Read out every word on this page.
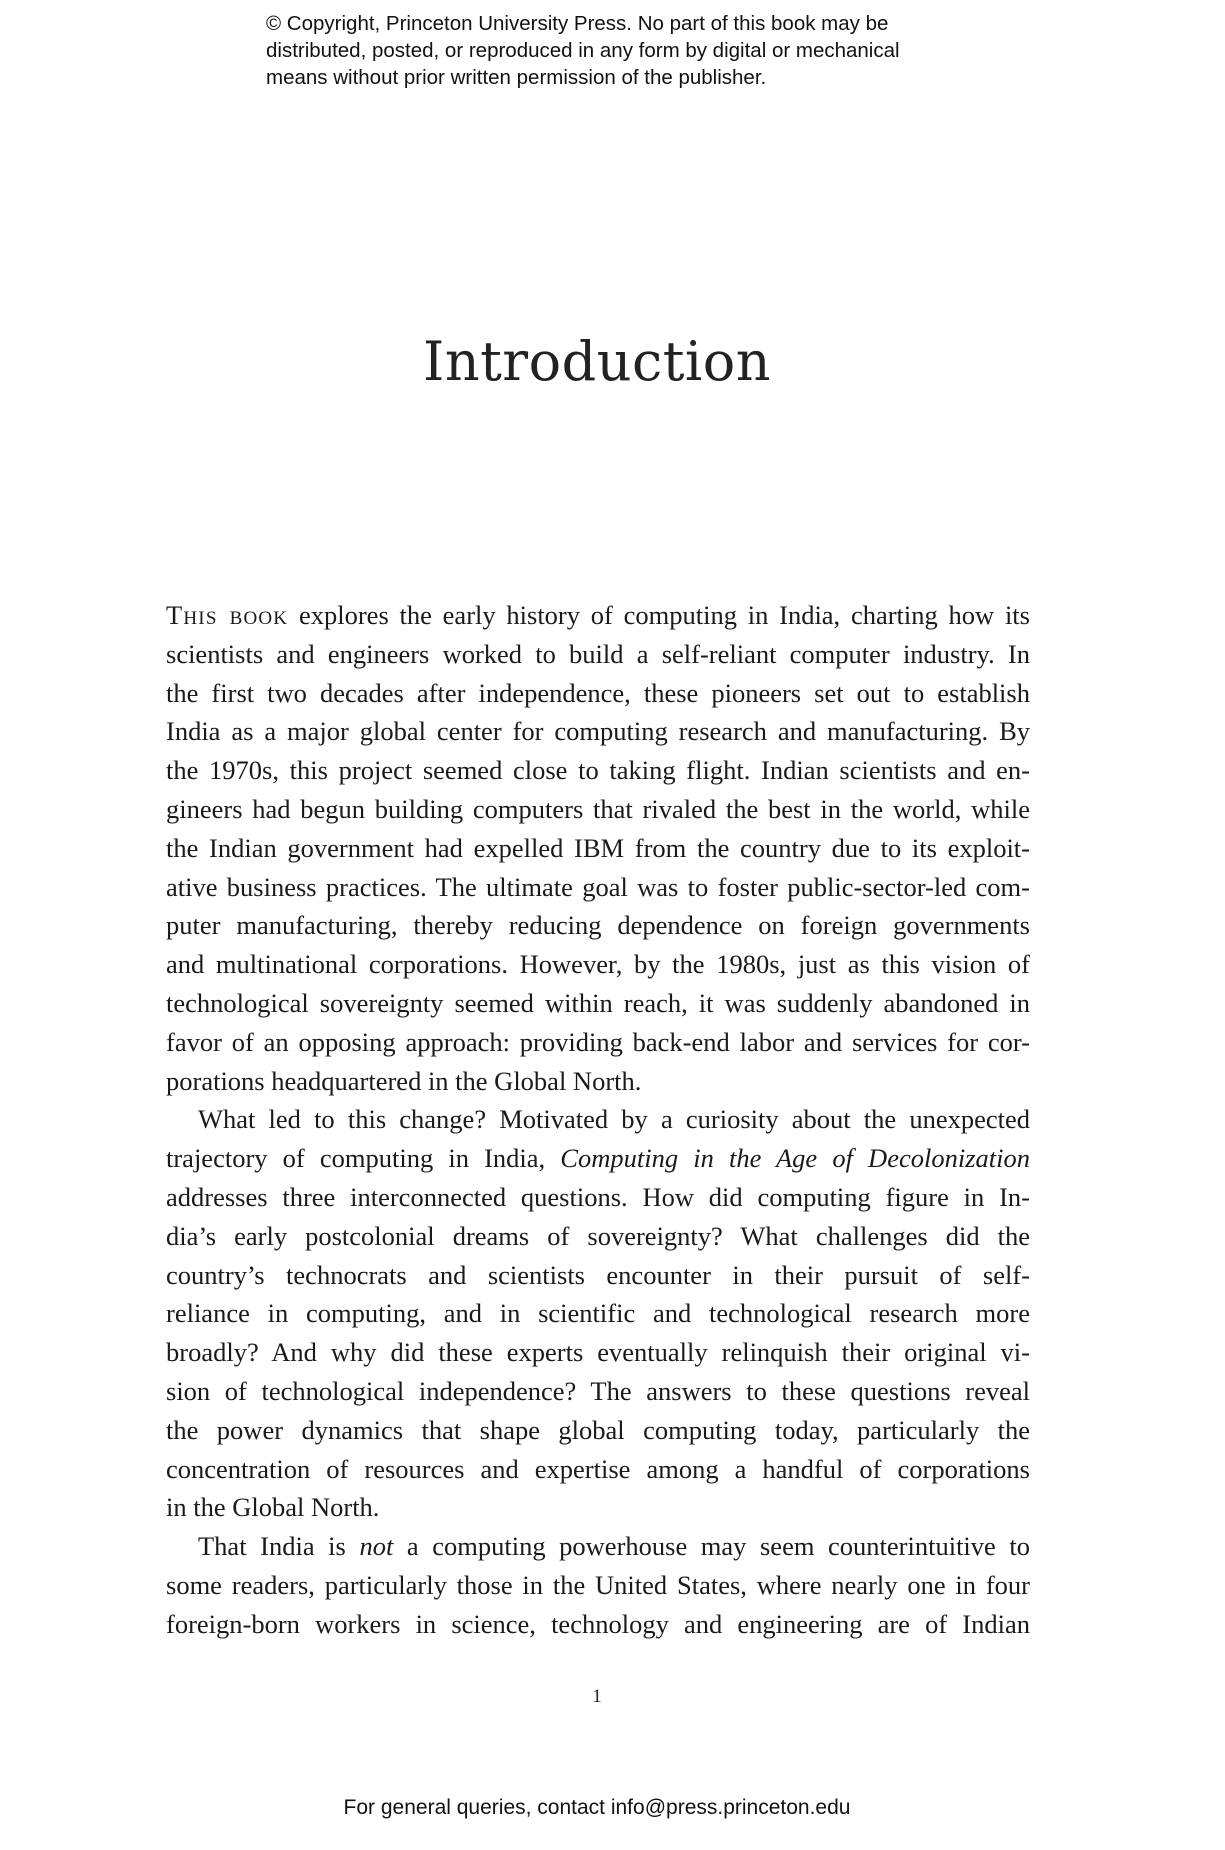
© Copyright, Princeton University Press. No part of this book may be
distributed, posted, or reproduced in any form by digital or mechanical
means without prior written permission of the publisher.
Introduction
This book explores the early history of computing in India, charting how its
scientists and engineers worked to build a self-reliant computer industry. In
the first two decades after independence, these pioneers set out to establish
India as a major global center for computing research and manufacturing. By
the 1970s, this project seemed close to taking flight. Indian scientists and en-
gineers had begun building computers that rivaled the best in the world, while
the Indian government had expelled IBM from the country due to its exploit-
ative business practices. The ultimate goal was to foster public-sector-led com-
puter manufacturing, thereby reducing dependence on foreign governments
and multinational corporations. However, by the 1980s, just as this vision of
technological sovereignty seemed within reach, it was suddenly abandoned in
favor of an opposing approach: providing back-end labor and services for cor-
porations headquartered in the Global North.
What led to this change? Motivated by a curiosity about the unexpected
trajectory of computing in India, Computing in the Age of Decolonization
addresses three interconnected questions. How did computing figure in In-
dia’s early postcolonial dreams of sovereignty? What challenges did the
country’s technocrats and scientists encounter in their pursuit of self-
reliance in computing, and in scientific and technological research more
broadly? And why did these experts eventually relinquish their original vi-
sion of technological independence? The answers to these questions reveal
the power dynamics that shape global computing today, particularly the
concentration of resources and expertise among a handful of corporations
in the Global North.
That India is not a computing powerhouse may seem counterintuitive to
some readers, particularly those in the United States, where nearly one in four
foreign-born workers in science, technology and engineering are of Indian
1
For general queries, contact info@press.princeton.edu
